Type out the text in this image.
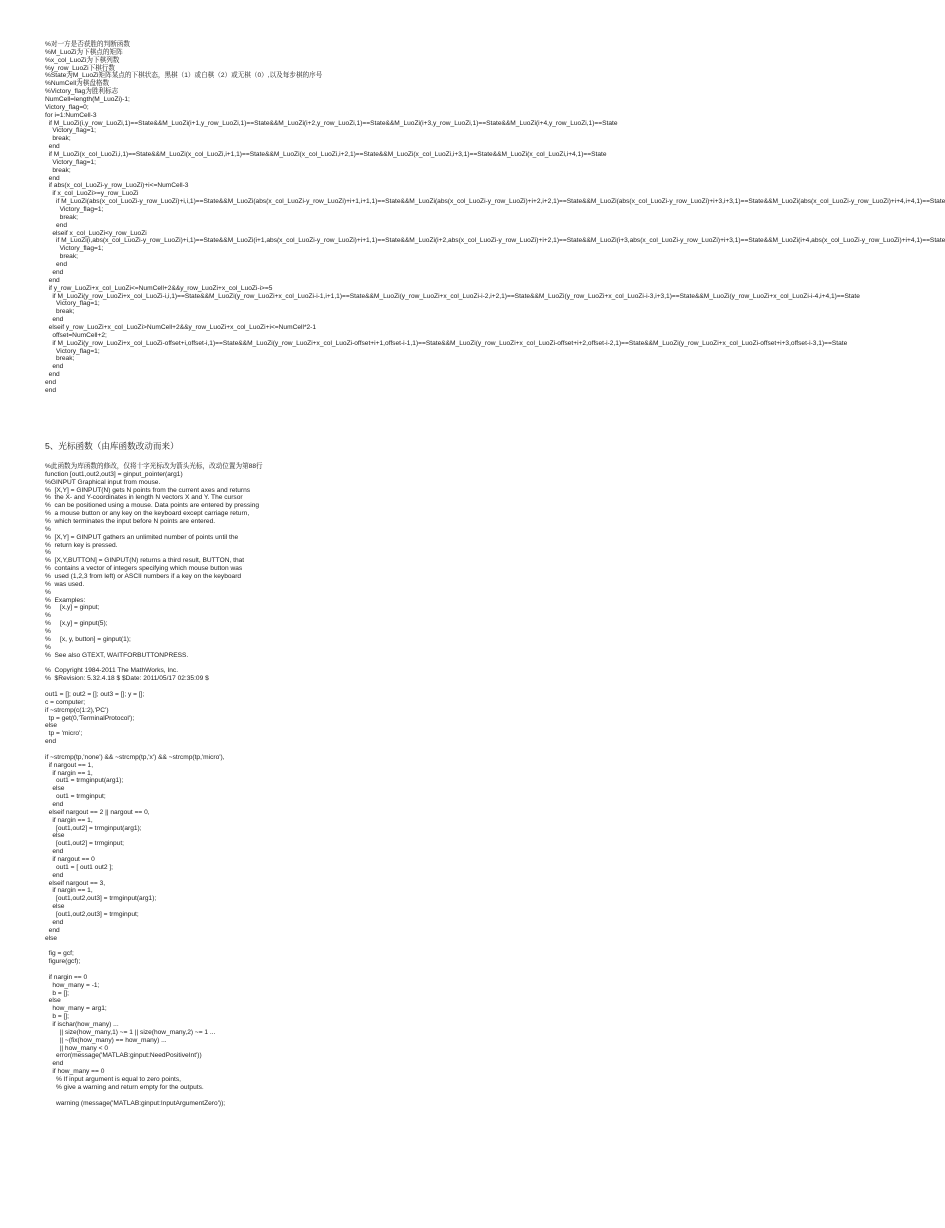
%对一方是否获胜的判断函数
%M_LuoZi为下棋点的矩阵
%x_col_LuoZi为下棋列数
%y_row_LuoZi下棋行数
%State为M_LuoZi矩阵某点的下棋状态，黑棋（1）或白棋（2）或无棋（0）,以及每步棋的序号
%NumCell为棋盘格数
%Victory_flag为胜利标志
NumCell=length(M_LuoZi)-1;
Victory_flag=0;
for i=1:NumCell-3
if M_LuoZi(i,y_row_LuoZi,1)==State&&M_LuoZi(i+1,y_row_LuoZi,1)==State&&M_LuoZi(i+2,y_row_LuoZi,1)==State&&M_LuoZi(i+3,y_row_LuoZi,1)==State&&M_LuoZi(i+4,y_row_LuoZi,1)==State
Victory_flag=1;
break;
end
if M_LuoZi(x_col_LuoZi,i,1)==State&&M_LuoZi(x_col_LuoZi,i+1,1)==State&&M_LuoZi(x_col_LuoZi,i+2,1)==State&&M_LuoZi(x_col_LuoZi,i+3,1)==State&&M_LuoZi(x_col_LuoZi,i+4,1)==State
Victory_flag=1;
break;
end
if abs(x_col_LuoZi-y_row_LuoZi)+i<=NumCell-3
if x_col_LuoZi>=y_row_LuoZi
if M_LuoZi(abs(x_col_LuoZi-y_row_LuoZi)+i,i,1)==State&&M_LuoZi(abs(x_col_LuoZi-y_row_LuoZi)+i+1,i+1,1)==State&&M_LuoZi(abs(x_col_LuoZi-y_row_LuoZi)+i+2,i+2,1)==State&&M_LuoZi(abs(x_col_LuoZi-y_row_LuoZi)+i+3,i+3,1)==State&&M_LuoZi(abs(x_col_LuoZi-y_row_LuoZi)+i+4,i+4,1)==State
Victory_flag=1;
break;
end
elseif x_col_LuoZi<y_row_LuoZi
if M_LuoZi(i,abs(x_col_LuoZi-y_row_LuoZi)+i,1)==State&&M_LuoZi(i+1,abs(x_col_LuoZi-y_row_LuoZi)+i+1,1)==State&&M_LuoZi(i+2,abs(x_col_LuoZi-y_row_LuoZi)+i+2,1)==State&&M_LuoZi(i+3,abs(x_col_LuoZi-y_row_LuoZi)+i+3,1)==State&&M_LuoZi(i+4,abs(x_col_LuoZi-y_row_LuoZi)+i+4,1)==State
Victory_flag=1;
break;
end
end
end
if y_row_LuoZi+x_col_LuoZi<=NumCell+2&&y_row_LuoZi+x_col_LuoZi-i>=5
if M_LuoZi(y_row_LuoZi+x_col_LuoZi-i,i,1)==State&&M_LuoZi(y_row_LuoZi+x_col_LuoZi-i-1,i+1,1)==State&&M_LuoZi(y_row_LuoZi+x_col_LuoZi-i-2,i+2,1)==State&&M_LuoZi(y_row_LuoZi+x_col_LuoZi-i-3,i+3,1)==State&&M_LuoZi(y_row_LuoZi+x_col_LuoZi-i-4,i+4,1)==State
Victory_flag=1;
break;
end
elseif y_row_LuoZi+x_col_LuoZi>NumCell+2&&y_row_LuoZi+x_col_LuoZi+i<=NumCell*2-1
offset=NumCell+2;
if M_LuoZi(y_row_LuoZi+x_col_LuoZi-offset+i,offset-i,1)==State&&M_LuoZi(y_row_LuoZi+x_col_LuoZi-offset+i+1,offset-i-1,1)==State&&M_LuoZi(y_row_LuoZi+x_col_LuoZi-offset+i+2,offset-i-2,1)==State&&M_LuoZi(y_row_LuoZi+x_col_LuoZi-offset+i+3,offset-i-3,1)==State
Victory_flag=1;
break;
end
end
end
end
5、光标函数（由库函数改动而来）
%此函数为库函数的修改，仅将十字光标改为箭头光标，改动位置为第88行
function [out1,out2,out3] = ginput_pointer(arg1)
%GINPUT Graphical input from mouse.
%  [X,Y] = GINPUT(N) gets N points from the current axes and returns
%  the X- and Y-coordinates in length N vectors X and Y. The cursor
%  can be positioned using a mouse. Data points are entered by pressing
%  a mouse button or any key on the keyboard except carriage return,
%  which terminates the input before N points are entered.
%
%  [X,Y] = GINPUT gathers an unlimited number of points until the
%  return key is pressed.
%
%  [X,Y,BUTTON] = GINPUT(N) returns a third result, BUTTON, that
%  contains a vector of integers specifying which mouse button was
%  used (1,2,3 from left) or ASCII numbers if a key on the keyboard
%  was used.
%
%  Examples:
%     [x,y] = ginput;
%
%     [x,y] = ginput(5);
%
%     [x, y, button] = ginput(1);
%
%  See also GTEXT, WAITFORBUTTONPRESS.

%  Copyright 1984-2011 The MathWorks, Inc.
%  $Revision: 5.32.4.18 $ $Date: 2011/05/17 02:35:09 $

out1 = []; out2 = []; out3 = []; y = [];
c = computer;
if ~strcmp(c(1:2),'PC')
tp = get(0,'TerminalProtocol');
else
tp = 'micro';
end

if ~strcmp(tp,'none') && ~strcmp(tp,'x') && ~strcmp(tp,'micro'),
if nargout == 1,
if nargin == 1,
out1 = trmginput(arg1);
else
out1 = trmginput;
end
elseif nargout == 2 || nargout == 0,
if nargin == 1,
[out1,out2] = trmginput(arg1);
else
[out1,out2] = trmginput;
end
if nargout == 0
out1 = [ out1 out2 ];
end
elseif nargout == 3,
if nargin == 1,
[out1,out2,out3] = trmginput(arg1);
else
[out1,out2,out3] = trmginput;
end
end
else

fig = gcf;
figure(gcf);

if nargin == 0
how_many = -1;
b = [];
else
how_many = arg1;
b = [];
if ischar(how_many) ...
|| size(how_many,1) ~= 1 || size(how_many,2) ~= 1 ...
|| ~(fix(how_many) == how_many) ...
|| how_many < 0
error(message('MATLAB:ginput:NeedPositiveInt'))
end
if how_many == 0
% If input argument is equal to zero points,
% give a warning and return empty for the outputs.

warning (message('MATLAB:ginput:InputArgumentZero'));
